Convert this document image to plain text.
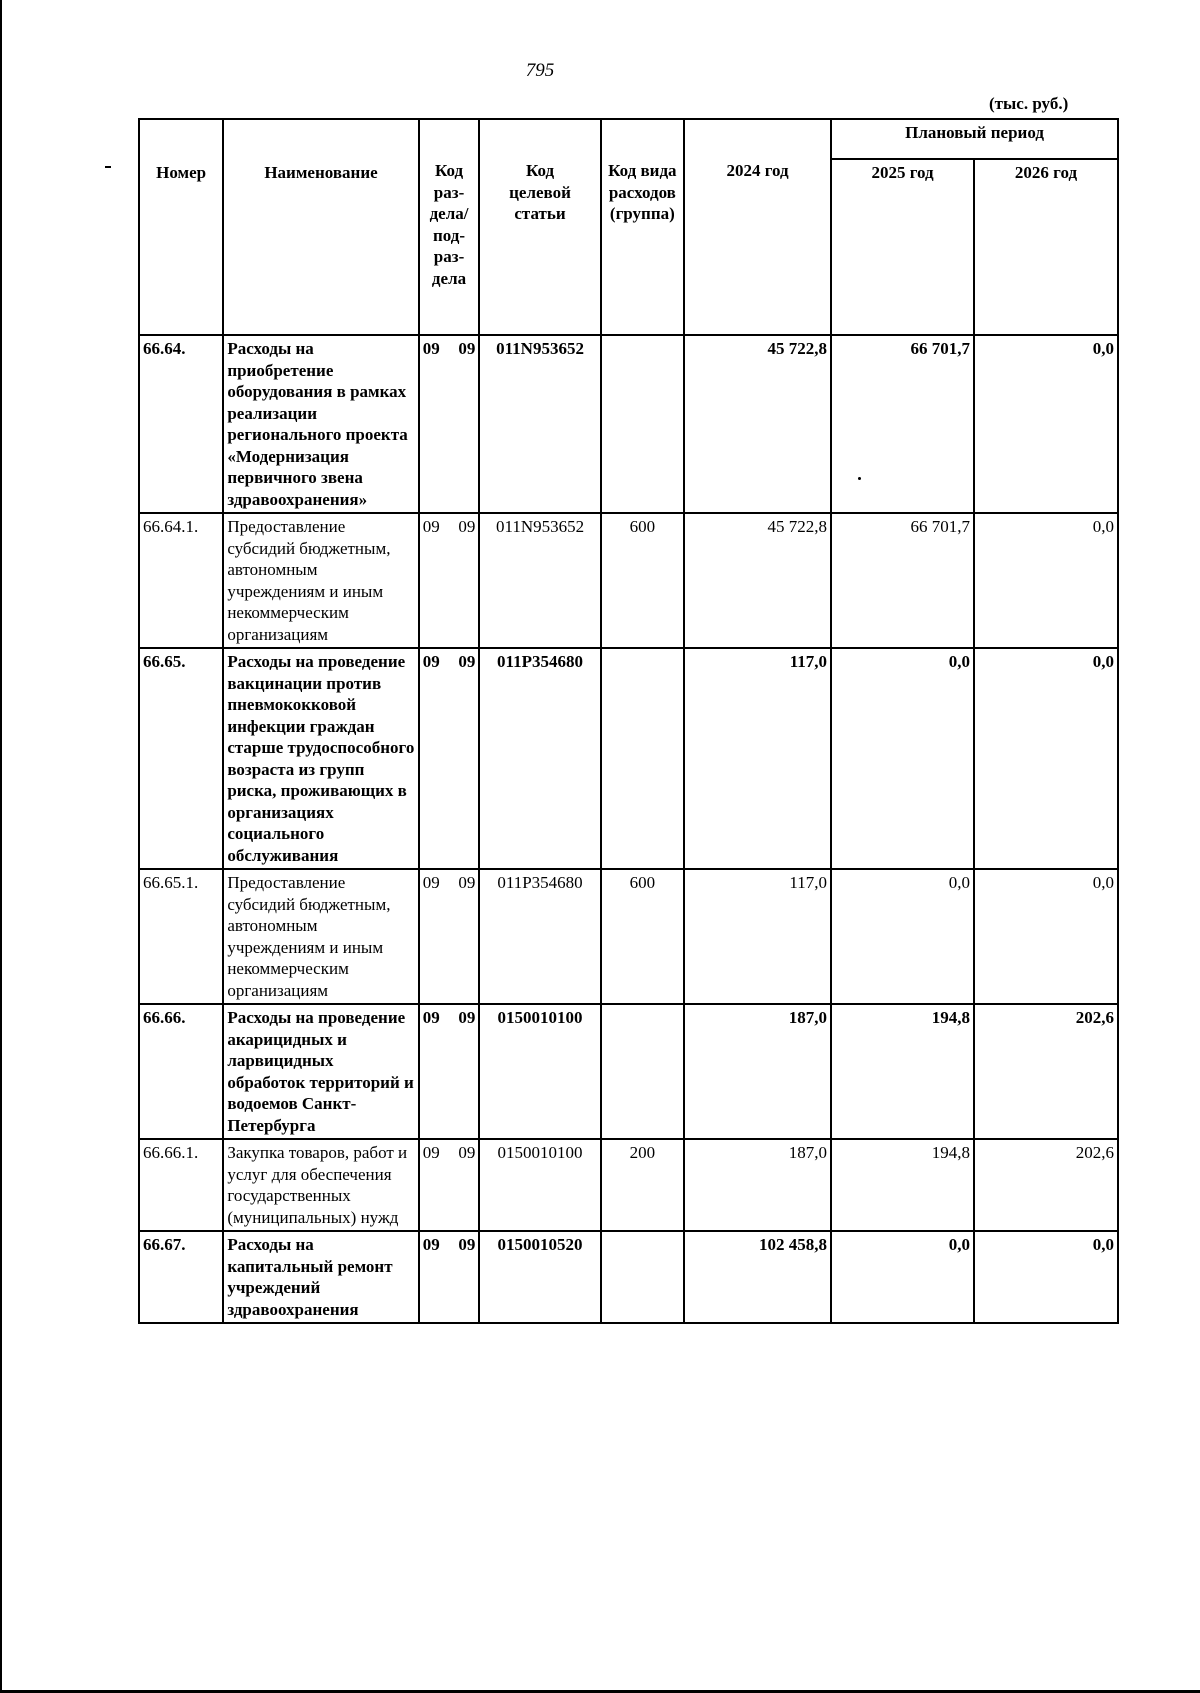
795
(тыс. руб.)
Номер	Наименование	Код раз-дела/ под-раз-дела	Код целевой статьи	Код вида расходов (группа)	2024 год	Плановый период	
						2025 год	2026 год
66.64.	Расходы на приобретение оборудования в рамках реализации регионального проекта «Модернизация первичного звена здравоохранения»	09 09	011N953652		45 722,8	66 701,7	0,0
66.64.1.	Предоставление субсидий бюджетным, автономным учреждениям и иным некоммерческим организациям	09 09	011N953652	600	45 722,8	66 701,7	0,0
66.65.	Расходы на проведение вакцинации против пневмококковой инфекции граждан старше трудоспособного возраста из групп риска, проживающих в организациях социального обслуживания	09 09	011P354680		117,0	0,0	0,0
66.65.1.	Предоставление субсидий бюджетным, автономным учреждениям и иным некоммерческим организациям	09 09	011P354680	600	117,0	0,0	0,0
66.66.	Расходы на проведение акарицидных и ларвицидных обработок территорий и водоемов Санкт-Петербурга	09 09	0150010100		187,0	194,8	202,6
66.66.1.	Закупка товаров, работ и услуг для обеспечения государственных (муниципальных) нужд	09 09	0150010100	200	187,0	194,8	202,6
66.67.	Расходы на капитальный ремонт учреждений здравоохранения	09 09	0150010520		102 458,8	0,0	0,0
